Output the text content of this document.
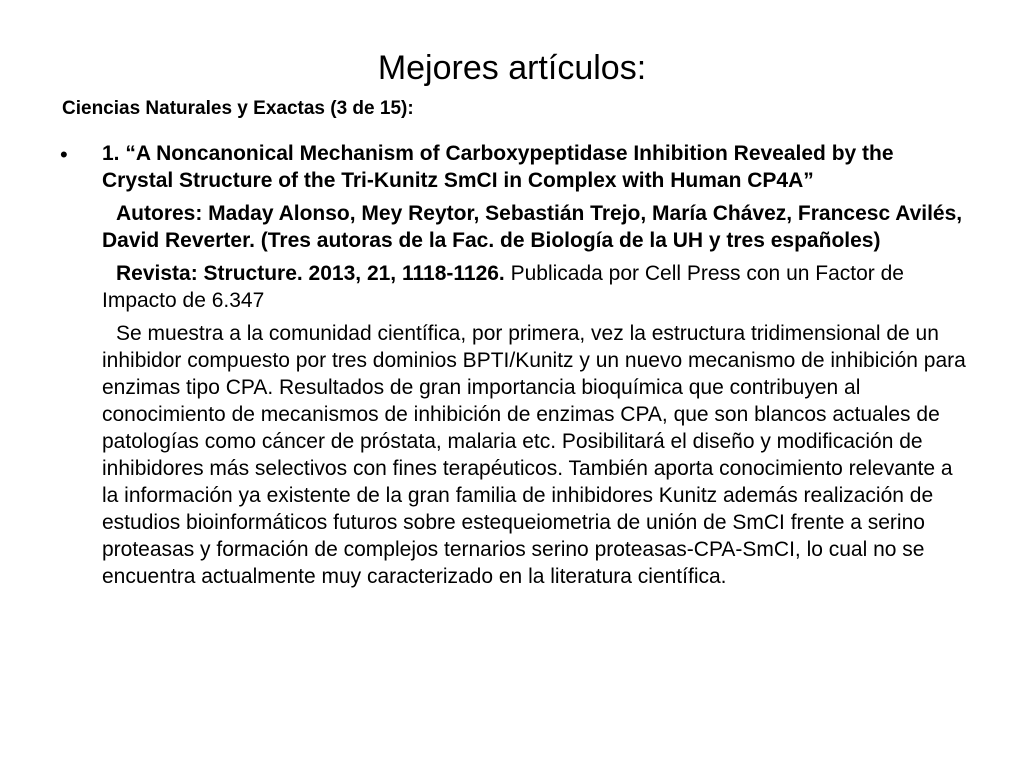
Mejores artículos:

Ciencias Naturales y Exactas (3 de 15):

• 1. “A Noncanonical Mechanism of Carboxypeptidase Inhibition Revealed by the Crystal Structure of the Tri-Kunitz SmCI in Complex with Human CP4A”

Autores: Maday Alonso, Mey Reytor, Sebastián Trejo, María Chávez, Francesc Avilés, David Reverter. (Tres autoras de la Fac. de Biología de la UH y tres españoles)

Revista: Structure. 2013, 21, 1118-1126. Publicada por Cell Press con un Factor de Impacto de 6.347

Se muestra a la comunidad científica, por primera, vez la estructura tridimensional de un inhibidor compuesto por tres dominios BPTI/Kunitz y un nuevo mecanismo de inhibición para enzimas tipo CPA. Resultados de gran importancia bioquímica que contribuyen al conocimiento de mecanismos de inhibición de enzimas CPA, que son blancos actuales de patologías como cáncer de próstata, malaria etc. Posibilitará el diseño y modificación de inhibidores más selectivos con fines terapéuticos. También aporta conocimiento relevante a la información ya existente de la gran familia de inhibidores Kunitz además realización de estudios bioinformáticos futuros sobre estequeiometria de unión de SmCI frente a serino proteasas y formación de complejos ternarios serino proteasas-CPA-SmCI, lo cual no se encuentra actualmente muy caracterizado en la literatura científica.
